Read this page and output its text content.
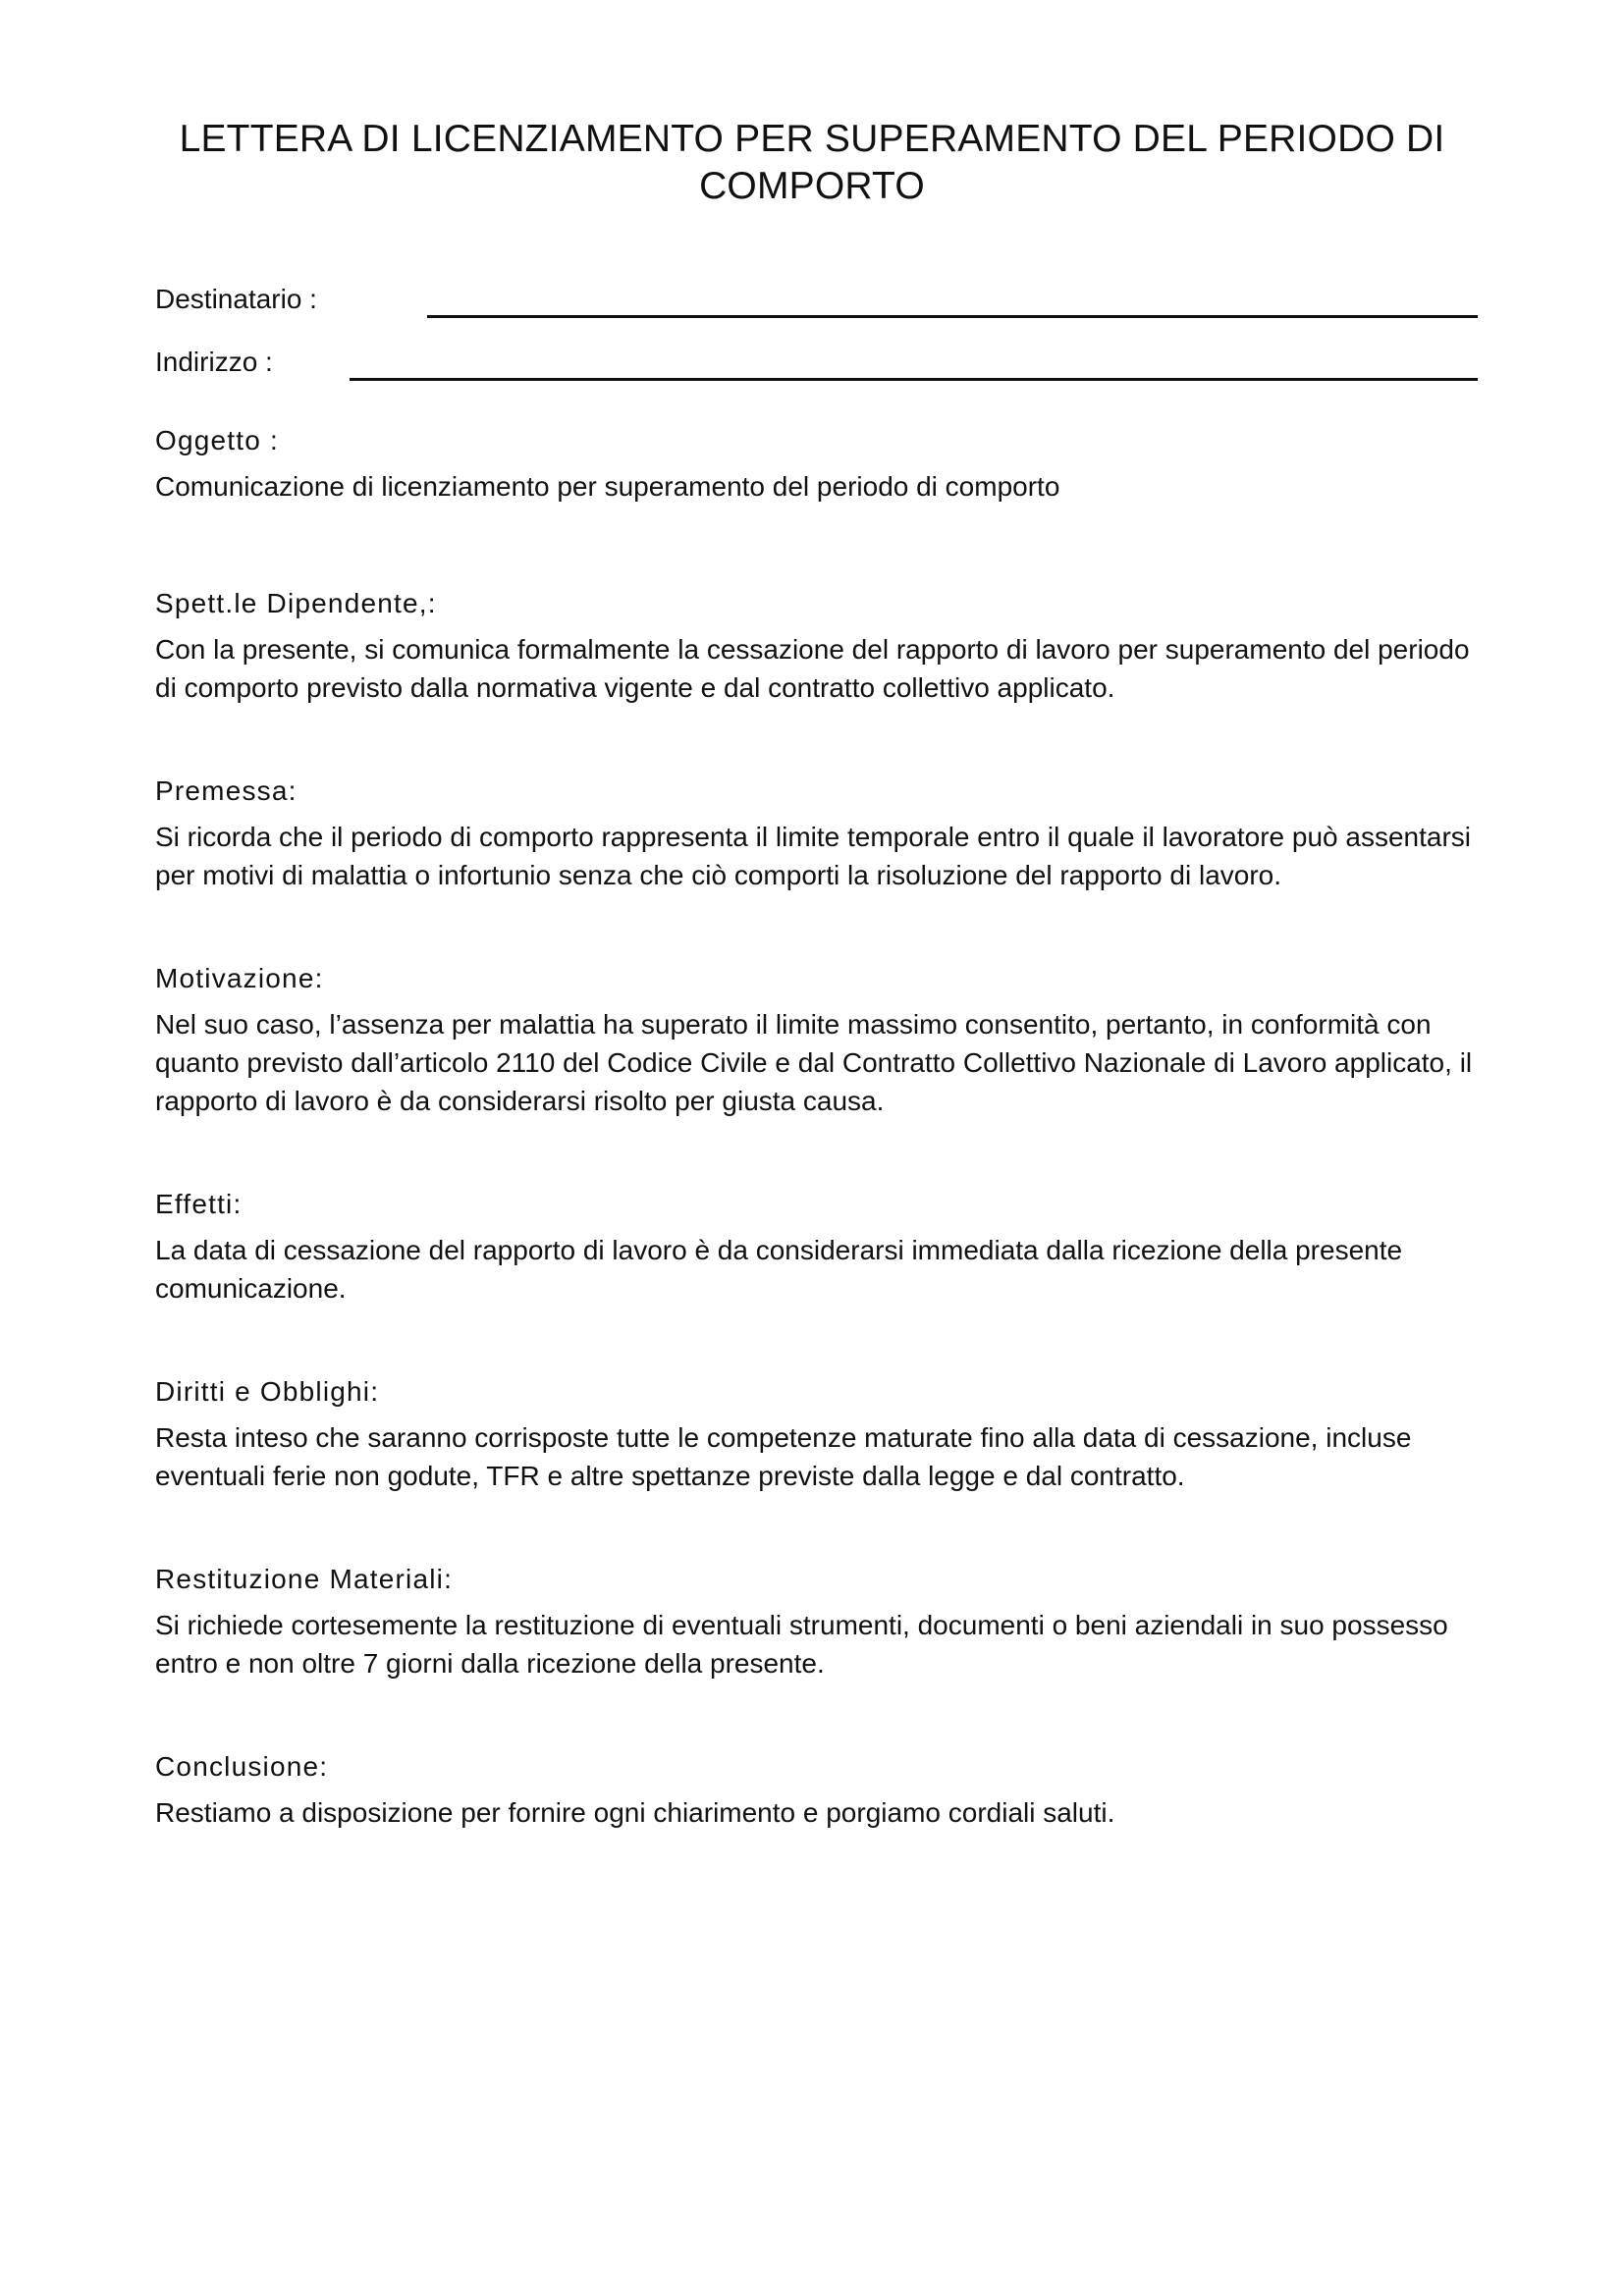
LETTERA DI LICENZIAMENTO PER SUPERAMENTO DEL PERIODO DI COMPORTO
Destinatario :
Indirizzo :
Oggetto :

Comunicazione di licenziamento per superamento del periodo di comporto

Spett.le Dipendente,:

Con la presente, si comunica formalmente la cessazione del rapporto di lavoro per superamento del periodo di comporto previsto dalla normativa vigente e dal contratto collettivo applicato.

Premessa:

Si ricorda che il periodo di comporto rappresenta il limite temporale entro il quale il lavoratore può assentarsi per motivi di malattia o infortunio senza che ciò comporti la risoluzione del rapporto di lavoro.

Motivazione:

Nel suo caso, l’assenza per malattia ha superato il limite massimo consentito, pertanto, in conformità con quanto previsto dall’articolo 2110 del Codice Civile e dal Contratto Collettivo Nazionale di Lavoro applicato, il rapporto di lavoro è da considerarsi risolto per giusta causa.

Effetti:

La data di cessazione del rapporto di lavoro è da considerarsi immediata dalla ricezione della presente comunicazione.

Diritti e Obblighi:

Resta inteso che saranno corrisposte tutte le competenze maturate fino alla data di cessazione, incluse eventuali ferie non godute, TFR e altre spettanze previste dalla legge e dal contratto.

Restituzione Materiali:

Si richiede cortesemente la restituzione di eventuali strumenti, documenti o beni aziendali in suo possesso entro e non oltre 7 giorni dalla ricezione della presente.

Conclusione:

Restiamo a disposizione per fornire ogni chiarimento e porgiamo cordiali saluti.
